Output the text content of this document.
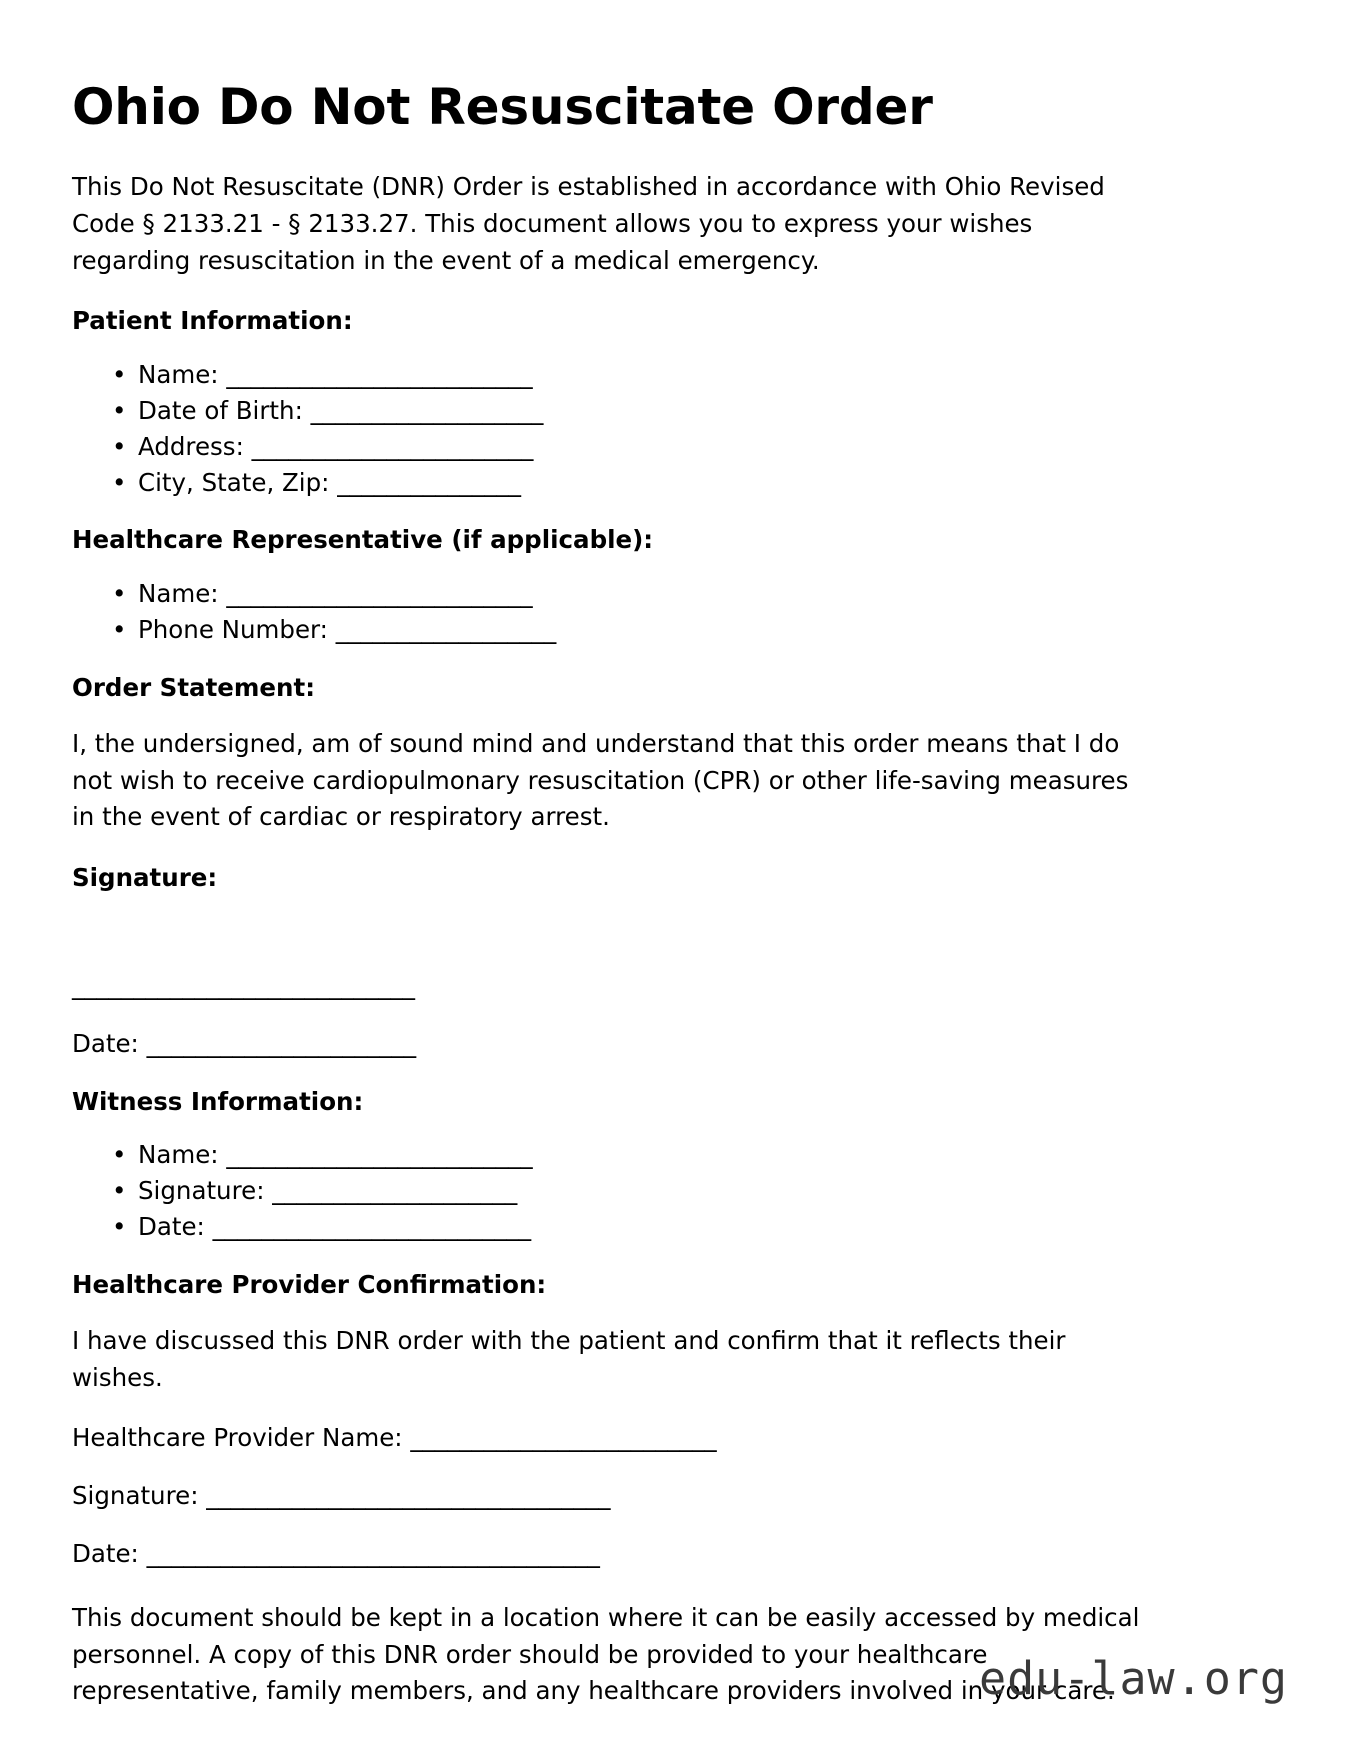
Ohio Do Not Resuscitate Order

This Do Not Resuscitate (DNR) Order is established in accordance with Ohio Revised Code § 2133.21 - § 2133.27. This document allows you to express your wishes regarding resuscitation in the event of a medical emergency.

Patient Information:
• Name: _________________________
• Date of Birth: ___________________
• Address: _______________________
• City, State, Zip: _______________
Healthcare Representative (if applicable):
• Name: _________________________
• Phone Number: __________________
Order Statement:

I, the undersigned, am of sound mind and understand that this order means that I do not wish to receive cardiopulmonary resuscitation (CPR) or other life-saving measures in the event of cardiac or respiratory arrest.

Signature:
____________________________
Date: ______________________
Witness Information:
• Name: _________________________
• Signature: ____________________
• Date: __________________________
Healthcare Provider Confirmation:

I have discussed this DNR order with the patient and confirm that it reflects their wishes.

Healthcare Provider Name: _________________________
Signature: _________________________________
Date: _____________________________________

This document should be kept in a location where it can be easily accessed by medical personnel. A copy of this DNR order should be provided to your healthcare representative, family members, and any healthcare providers involved in your care.

edu-law.org
